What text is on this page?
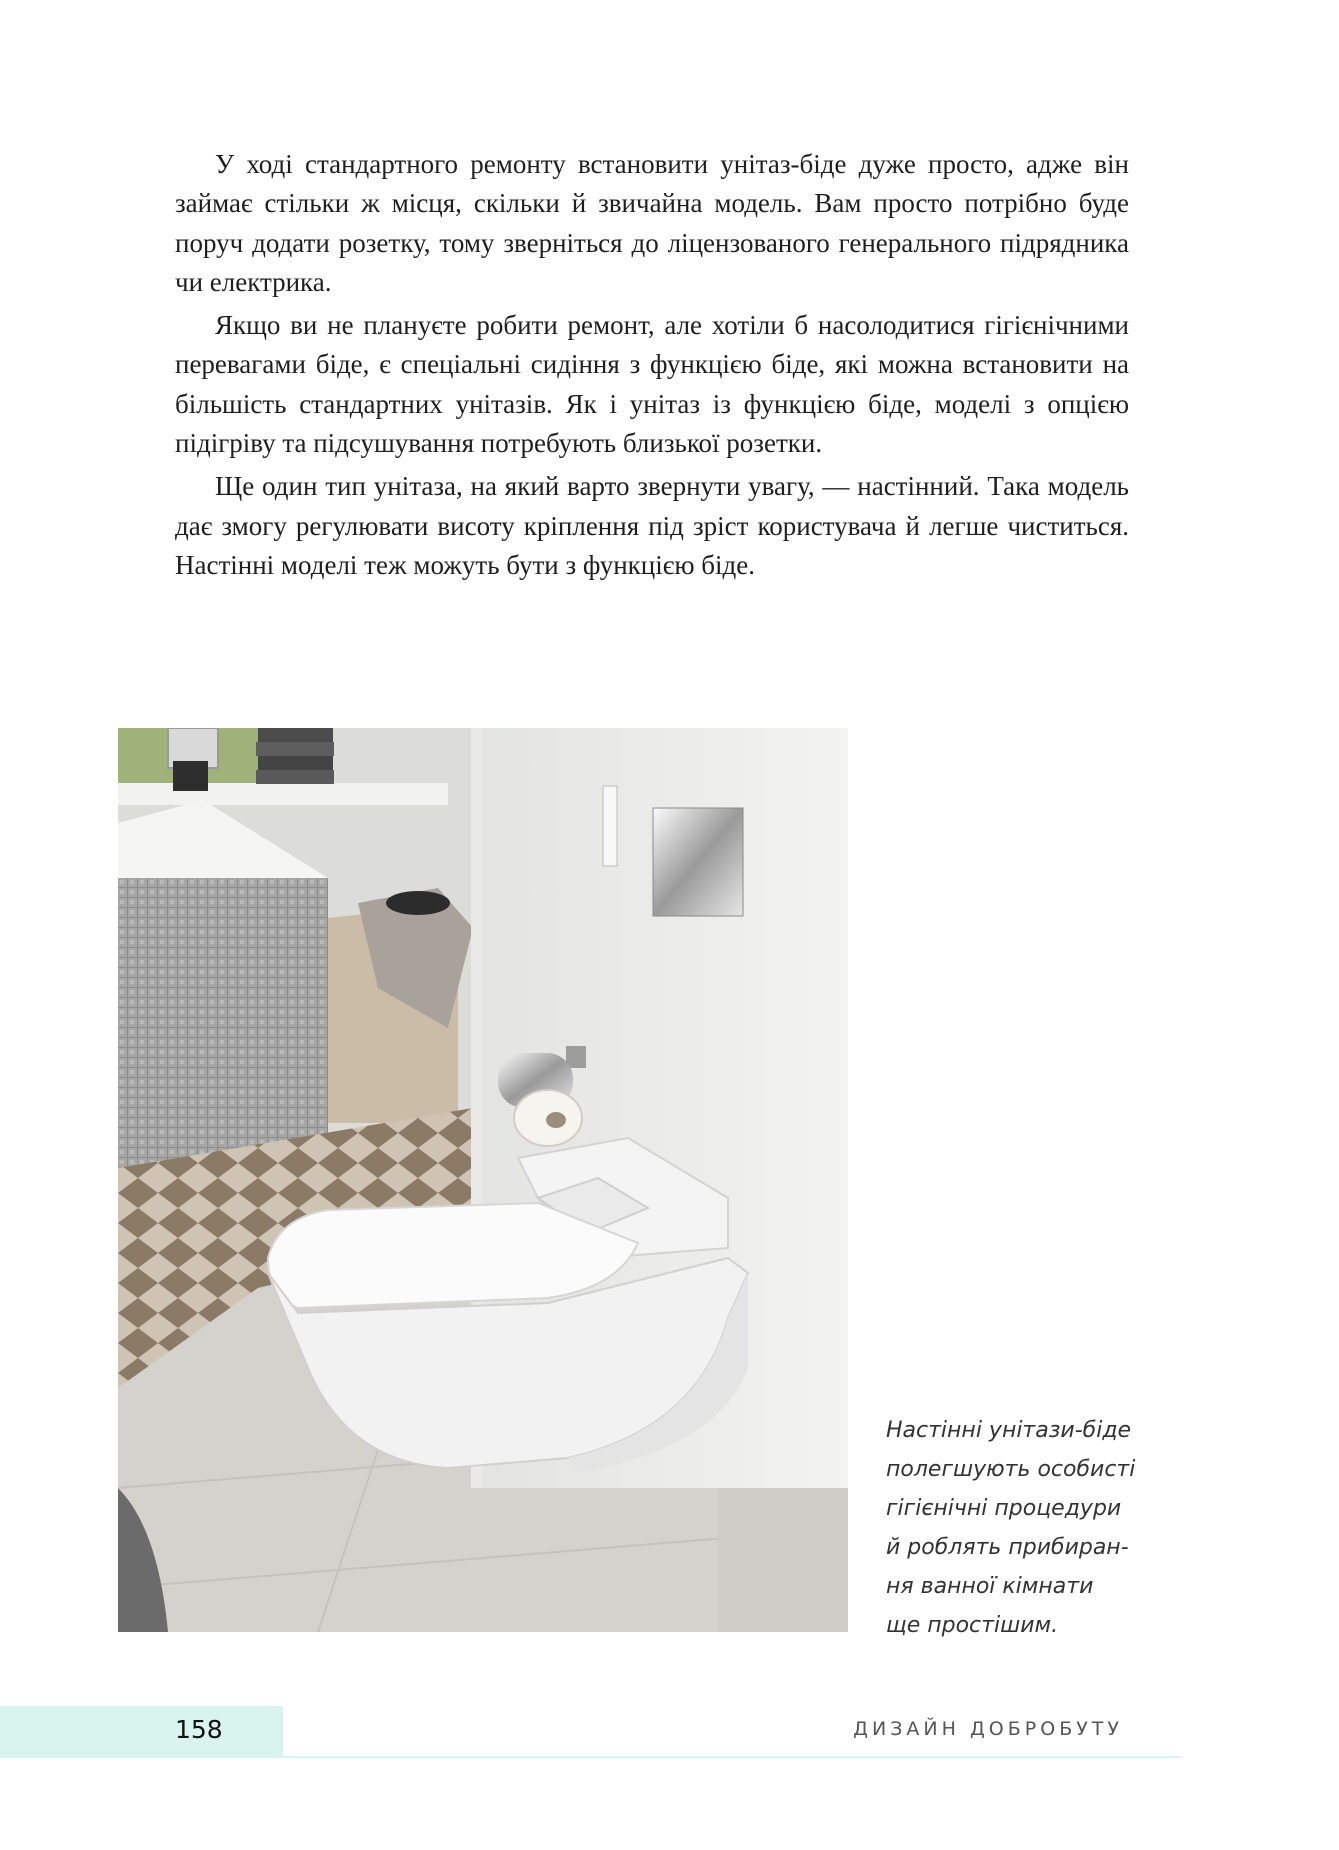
У ході стандартного ремонту встановити унітаз-біде дуже просто, адже він займає стільки ж місця, скільки й звичайна модель. Вам просто потрібно буде поруч додати розетку, тому зверніться до ліцензованого генерального підрядника чи електрика.

Якщо ви не плануєте робити ремонт, але хотіли б насолодитися гігієнічними перевагами біде, є спеціальні сидіння з функцією біде, які можна встановити на більшість стандартних унітазів. Як і унітаз із функцією біде, моделі з опцією підігріву та підсушування потребують близької розетки.

Ще один тип унітаза, на який варто звернути увагу, — настінний. Така модель дає змогу регулювати висоту кріплення під зріст користувача й легше чиститься. Настінні моделі теж можуть бути з функцією біде.

Настінні унітази-біде
полегшують особисті
гігієнічні процедури
й роблять прибиран-
ня ванної кімнати
ще простішим.
158	ДИЗАЙН ДОБРОБУТУ
